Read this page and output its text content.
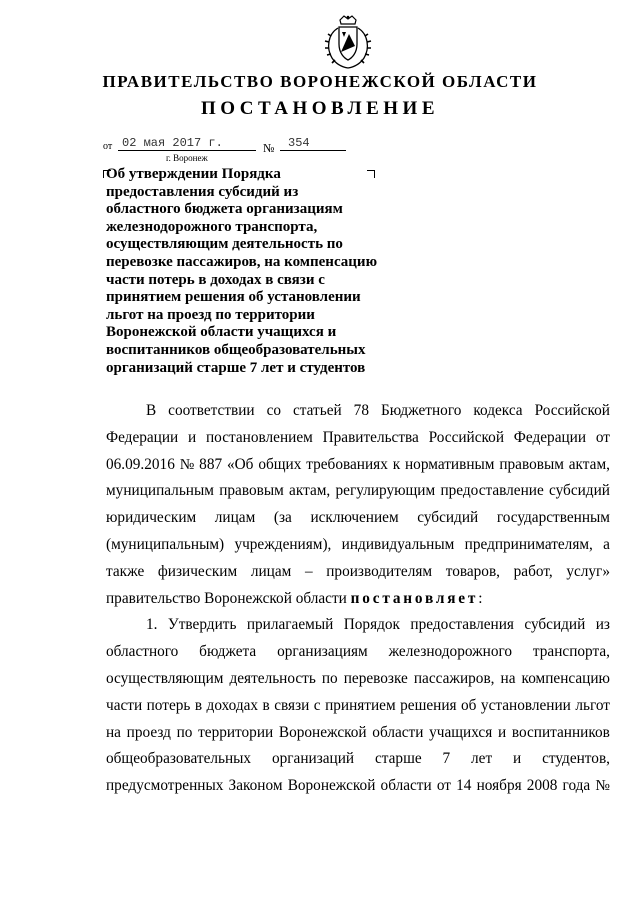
ПРАВИТЕЛЬСТВО ВОРОНЕЖСКОЙ ОБЛАСТИ
ПОСТАНОВЛЕНИЕ
от 02 мая 2017 г.	№ 354
г. Воронеж
Об утверждении Порядка
предоставления субсидий из
областного бюджета организациям
железнодорожного транспорта,
осуществляющим деятельность по
перевозке пассажиров, на компенсацию
части потерь в доходах в связи с
принятием решения об установлении
льгот на проезд по территории
Воронежской области учащихся и
воспитанников общеобразовательных
организаций старше 7 лет и студентов
В соответствии со статьей 78 Бюджетного кодекса Российской
Федерации и постановлением Правительства Российской Федерации от
06.09.2016 № 887 «Об общих требованиях к нормативным правовым актам,
муниципальным правовым актам, регулирующим предоставление субсидий
юридическим лицам (за исключением субсидий государственным
(муниципальным) учреждениям), индивидуальным предпринимателям, а
также физическим лицам – производителям товаров, работ, услуг»
правительство Воронежской области
постановляет :
1. Утвердить прилагаемый Порядок предоставления субсидий из
областного бюджета организациям железнодорожного транспорта,
осуществляющим деятельность по перевозке пассажиров, на компенсацию
части потерь в доходах в связи с принятием решения об установлении льгот
на проезд по территории Воронежской области учащихся и воспитанников
общеобразовательных организаций старше 7 лет и студентов,
предусмотренных Законом Воронежской области от 14 ноября 2008 года №
